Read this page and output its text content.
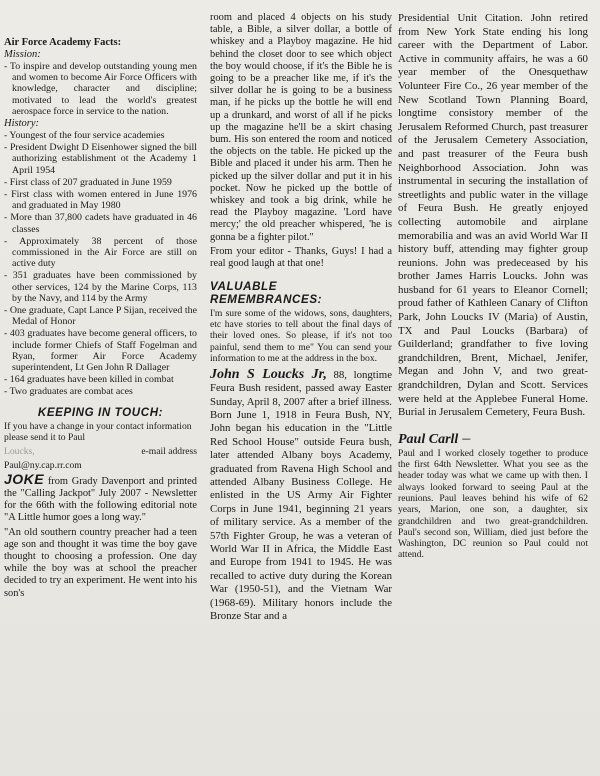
Air Force Academy Facts:
Mission:
- To inspire and develop outstanding young men and women to become Air Force Officers with knowledge, character and discipline; motivated to lead the world's greatest aerospace force in service to the nation.
History:
- Youngest of the four service academies
- President Dwight D Eisenhower signed the bill authorizing establishment ot the Academy 1 April 1954
- First class of 207 graduated in June 1959
- First class with women entered in June 1976 and graduated in May 1980
- More than 37,800 cadets have graduated in 46 classes
- Approximately 38 percent of those commissioned in the Air Force are still on active duty
- 351 graduates have been commissioned by other services, 124 by the Marine Corps, 113 by the Navy, and 114 by the Army
- One graduate, Capt Lance P Sijan, received the Medal of Honor
- 403 graduates have become general officers, to include former Chiefs of Staff Fogelman and Ryan, former Air Force Academy superintendent, Lt Gen John R Dallager
- 164 graduates have been killed in combat
- Two graduates are combat aces
KEEPING IN TOUCH:
If you have a change in your contact information please send it to Paul
Loucks,	e-mail address
Paul@ny.cap.rr.com
JOKE from Grady Davenport and printed the "Calling Jackpot" July 2007 - Newsletter for the 66th with the following editorial note "A Little humor goes a long way."
"An old southern country preacher had a teen age son and thought it was time the boy gave thought to choosing a profession. One day while the boy was at school the preacher decided to try an experiment. He went into his son's
room and placed 4 objects on his study table, a Bible, a silver dollar, a bottle of whiskey and a Playboy magazine. He hid behind the closet door to see which object the boy would choose, if it's the Bible he is going to be a preacher like me, if it's the silver dollar he is going to be a business man, if he picks up the bottle he will end up a drunkard, and worst of all if he picks up the magazine he'll be a skirt chasing bum. His son entered the room and noticed the objects on the table. He picked up the Bible and placed it under his arm. Then he picked up the silver dollar and put it in his pocket. Now he picked up the bottle of whiskey and took a big drink, while he read the Playboy magazine. 'Lord have mercy;' the old preacher whispered, 'he is gonna be a fighter pilot."
From your editor - Thanks, Guys! I had a real good laugh at that one!
VALUABLE REMEMBRANCES:
I'm sure some of the widows, sons, daughters, etc have stories to tell about the final days of their loved ones. So please, if it's not too painful, send them to me" You can send your information to me at the address in the box.
John S Loucks Jr, 88, longtime Feura Bush resident, passed away Easter Sunday, April 8, 2007 after a brief illness. Born June 1, 1918 in Feura Bush, NY, John began his education in the "Little Red School House" outside Feura bush, later attended Albany boys Academy, graduated from Ravena High School and attended Albany Business College. He enlisted in the US Army Air Fighter Corps in June 1941, beginning 21 years of military service. As a member of the 57th Fighter Group, he was a veteran of World War II in Africa, the Middle East and Europe from 1941 to 1945. He was recalled to active duty during the Korean War (1950-51), and the Vietnam War (1968-69). Military honors include the Bronze Star and a
Presidential Unit Citation. John retired from New York State ending his long career with the Department of Labor. Active in community affairs, he was a 60 year member of the Onesquethaw Volunteer Fire Co., 26 year member of the New Scotland Town Planning Board, longtime consistory member of the Jerusalem Reformed Church, past treasurer of the Jerusalem Cemetery Association, and past treasurer of the Feura bush Neighborhood Association. John was instrumental in securing the installation of streetlights and public water in the village of Feura Bush. He greatly enjoyed collecting automobile and airplane memorabilia and was an avid World War II history buff, attending may fighter group reunions. John was predeceased by his brother James Harris Loucks. John was husband for 61 years to Eleanor Cornell; proud father of Kathleen Canary of Clifton Park, John Loucks IV (Maria) of Austin, TX and Paul Loucks (Barbara) of Guilderland; grandfather to five loving grandchildren, Brent, Michael, Jenifer, Megan and John V, and two great-grandchildren, Dylan and Scott. Services were held at the Applebee Funeral Home. Burial in Jerusalem Cemetery, Feura Bush.
Paul Carll –
Paul and I worked closely together to produce the first 64th Newsletter. What you see as the header today was what we came up with then. I always looked forward to seeing Paul at the reunions. Paul leaves behind his wife of 62 years, Marion, one son, a daughter, six grandchildren and two great-grandchildren. Paul's second son, William, died just before the Washington, DC reunion so Paul could not attend.
